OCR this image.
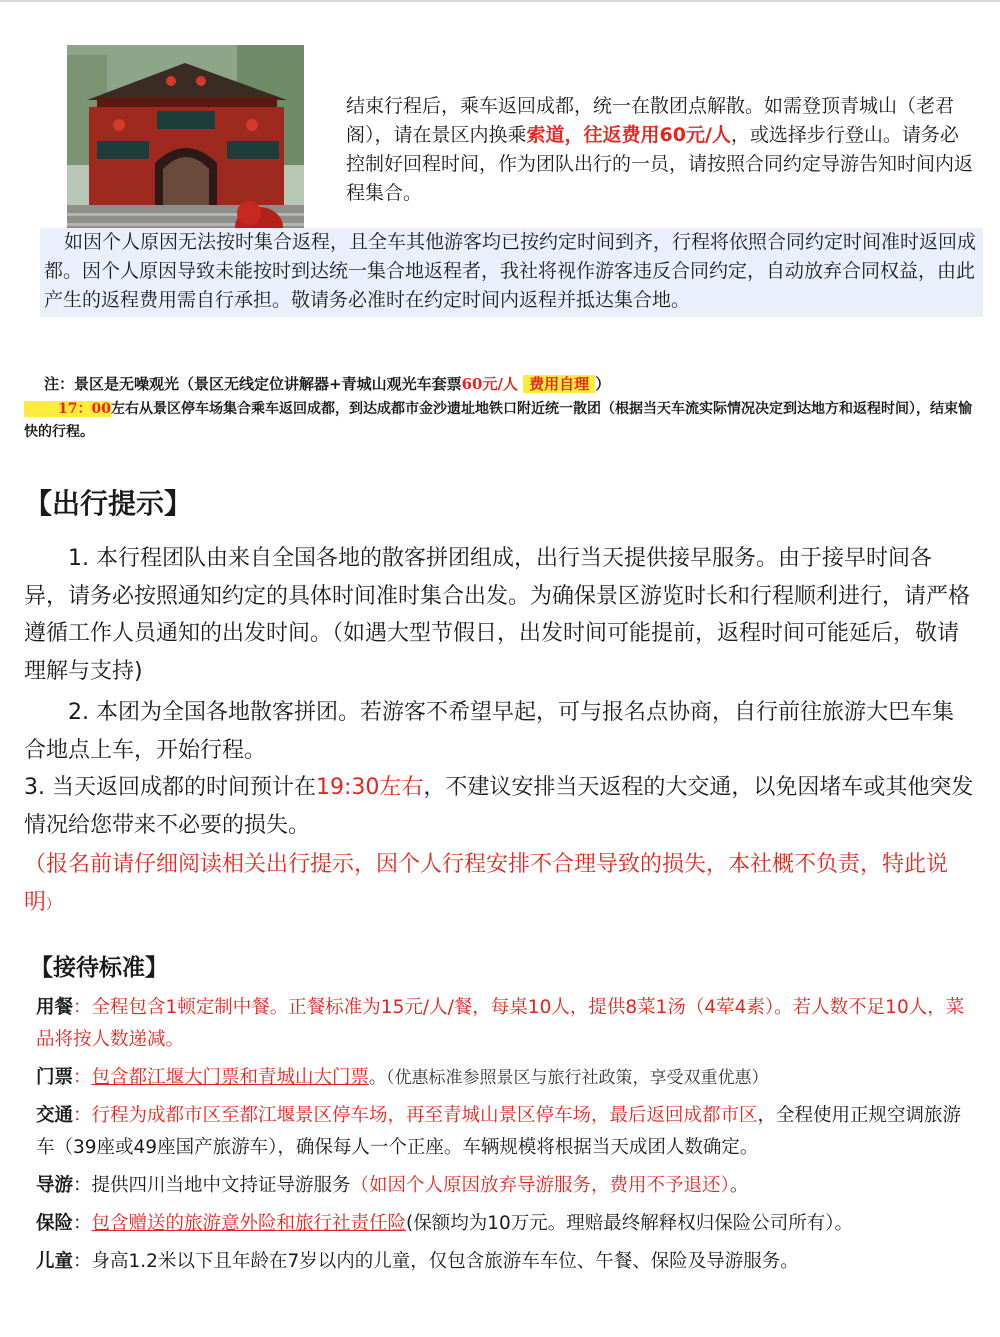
结束行程后，乘车返回成都，统一在散团点解散。如需登顶青城山（老君阁），请在景区内换乘索道，往返费用60元/人，或选择步行登山。请务必控制好回程时间，作为团队出行的一员，请按照合同约定导游告知时间内返程集合。

如因个人原因无法按时集合返程，且全车其他游客均已按约定时间到齐，行程将依照合同约定时间准时返回成都。因个人原因导致未能按时到达统一集合地返程者，我社将视作游客违反合同约定，自动放弃合同权益，由此产生的返程费用需自行承担。敬请务必准时在约定时间内返程并抵达集合地。

注：景区是无噪观光（景区无线定位讲解器+青城山观光车套票60元/人 费用自理 ）

17：00左右从景区停车场集合乘车返回成都，到达成都市金沙遗址地铁口附近统一散团（根据当天车流实际情况决定到达地方和返程时间），结束愉快的行程。

【出行提示】

1. 本行程团队由来自全国各地的散客拼团组成，出行当天提供接早服务。由于接早时间各异，请务必按照通知约定的具体时间准时集合出发。为确保景区游览时长和行程顺利进行，请严格遵循工作人员通知的出发时间。（如遇大型节假日，出发时间可能提前，返程时间可能延后，敬请理解与支持)

2. 本团为全国各地散客拼团。若游客不希望早起，可与报名点协商，自行前往旅游大巴车集合地点上车，开始行程。

3. 当天返回成都的时间预计在19:30左右，不建议安排当天返程的大交通，以免因堵车或其他突发情况给您带来不必要的损失。

（报名前请仔细阅读相关出行提示，因个人行程安排不合理导致的损失，本社概不负责，特此说明）

【接待标准】

用餐：全程包含1顿定制中餐。正餐标准为15元/人/餐，每桌10人，提供8菜1汤（4荤4素）。若人数不足10人，菜品将按人数递减。

门票：包含都江堰大门票和青城山大门票。（优惠标准参照景区与旅行社政策，享受双重优惠）

交通：行程为成都市区至都江堰景区停车场，再至青城山景区停车场，最后返回成都市区，全程使用正规空调旅游车（39座或49座国产旅游车），确保每人一个正座。车辆规模将根据当天成团人数确定。

导游：提供四川当地中文持证导游服务（如因个人原因放弃导游服务，费用不予退还）。

保险：包含赠送的旅游意外险和旅行社责任险(保额均为10万元。理赔最终解释权归保险公司所有）。

儿童：身高1.2米以下且年龄在7岁以内的儿童，仅包含旅游车车位、午餐、保险及导游服务。
